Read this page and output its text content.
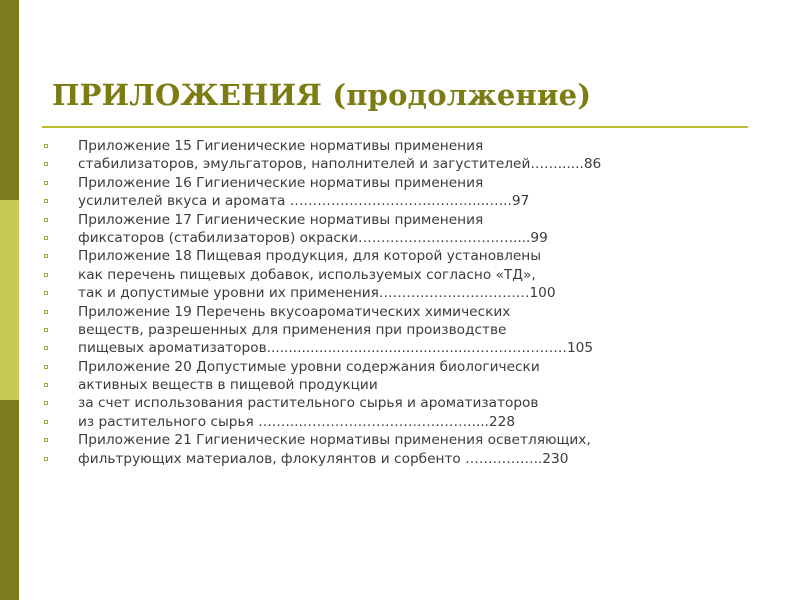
ПРИЛОЖЕНИЯ (продолжение)
Приложение 15 Гигиенические нормативы применения
стабилизаторов, эмульгаторов, наполнителей и загустителей……......86
Приложение 16 Гигиенические нормативы применения
усилителей вкуса и аромата ………………………………….....…..97
Приложение 17 Гигиенические нормативы применения
фиксаторов (стабилизаторов) окраски…………………………….....99
Приложение 18 Пищевая продукция, для которой установлены
как перечень пищевых добавок, используемых согласно «ТД»,
так и допустимые уровни их применения……………………………100
Приложение 19 Перечень вкусоароматических химических
веществ, разрешенных для применения при производстве
пищевых ароматизаторов...............................................…………………105
Приложение 20 Допустимые уровни содержания биологически
активных веществ в пищевой продукции
за счет использования растительного сырья и ароматизаторов
из растительного сырья ……....……………………………….....228
Приложение 21 Гигиенические нормативы применения осветляющих,
фильтрующих материалов, флокулянтов и сорбенто ……………..230
